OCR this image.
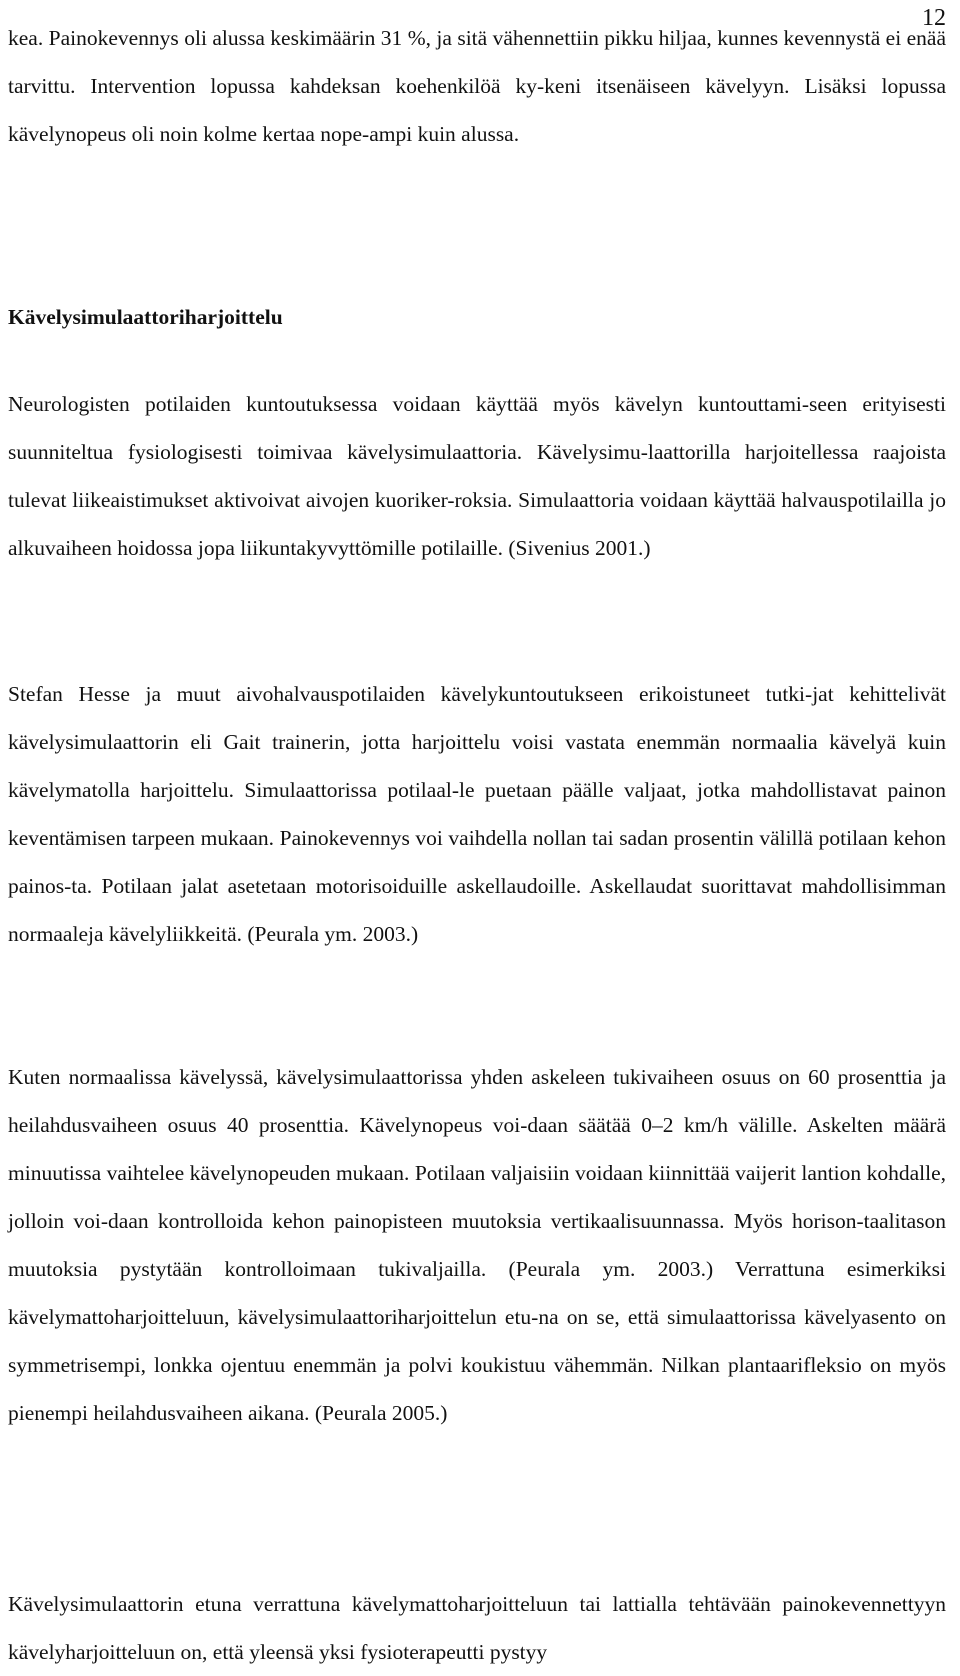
12

kea. Painokevennys oli alussa keskimäärin 31 %, ja sitä vähennettiin pikku hiljaa, kunnes kevennystä ei enää tarvittu. Intervention lopussa kahdeksan koehenkilöä ky-keni itsenäiseen kävelyyn. Lisäksi lopussa kävelynopeus oli noin kolme kertaa nope-ampi kuin alussa.

Kävelysimulaattoriharjoittelu

Neurologisten potilaiden kuntoutuksessa voidaan käyttää myös kävelyn kuntouttami-seen erityisesti suunniteltua fysiologisesti toimivaa kävelysimulaattoria. Kävelysimu-laattorilla harjoitellessa raajoista tulevat liikeaistimukset aktivoivat aivojen kuoriker-roksia. Simulaattoria voidaan käyttää halvauspotilailla jo alkuvaiheen hoidossa jopa liikuntakyvyttömille potilaille. (Sivenius 2001.)

Stefan Hesse ja muut aivohalvauspotilaiden kävelykuntoutukseen erikoistuneet tutki-jat kehittelivät kävelysimulaattorin eli Gait trainerin, jotta harjoittelu voisi vastata enemmän normaalia kävelyä kuin kävelymatolla harjoittelu. Simulaattorissa potilaal-le puetaan päälle valjaat, jotka mahdollistavat painon keventämisen tarpeen mukaan. Painokevennys voi vaihdella nollan tai sadan prosentin välillä potilaan kehon painos-ta. Potilaan jalat asetetaan motorisoiduille askellaudoille. Askellaudat suorittavat mahdollisimman normaaleja kävelyliikkeitä. (Peurala ym. 2003.)

Kuten normaalissa kävelyssä, kävelysimulaattorissa yhden askeleen tukivaiheen osuus on 60 prosenttia ja heilahdusvaiheen osuus 40 prosenttia. Kävelynopeus voi-daan säätää 0–2 km/h välille. Askelten määrä minuutissa vaihtelee kävelynopeuden mukaan. Potilaan valjaisiin voidaan kiinnittää vaijerit lantion kohdalle, jolloin voi-daan kontrolloida kehon painopisteen muutoksia vertikaalisuunnassa. Myös horison-taalitason muutoksia pystytään kontrolloimaan tukivaljailla. (Peurala ym. 2003.) Verrattuna esimerkiksi kävelymattoharjoitteluun, kävelysimulaattoriharjoittelun etu-na on se, että simulaattorissa kävelyasento on symmetrisempi, lonkka ojentuu enemmän ja polvi koukistuu vähemmän. Nilkan plantaarifleksio on myös pienempi heilahdusvaiheen aikana. (Peurala 2005.)

Kävelysimulaattorin etuna verrattuna kävelymattoharjoitteluun tai lattialla tehtävään painokevennettyyn kävelyharjoitteluun on, että yleensä yksi fysioterapeutti pystyy
